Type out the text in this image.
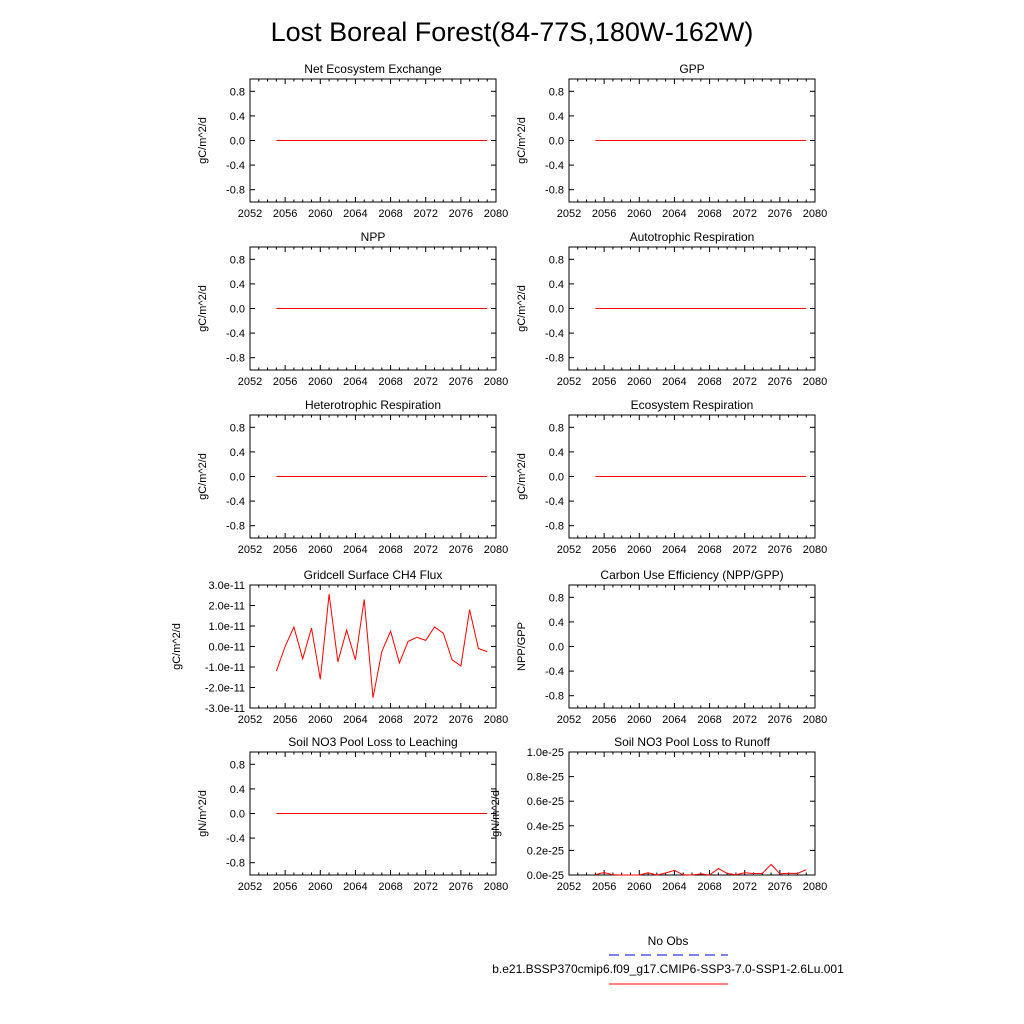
Lost Boreal Forest(84-77S,180W-162W)
Net Ecosystem Exchange
2052 2056 2060 2064 2068 2072 2076 2080
0.8
0.4
0.0
-0.4
-0.8
gC/m^2/d
GPP
2052 2056 2060 2064 2068 2072 2076 2080
0.8
0.4
0.0
-0.4
-0.8
gC/m^2/d
NPP
2052 2056 2060 2064 2068 2072 2076 2080
0.8
0.4
0.0
-0.4
-0.8
gC/m^2/d
Autotrophic Respiration
2052 2056 2060 2064 2068 2072 2076 2080
0.8
0.4
0.0
-0.4
-0.8
gC/m^2/d
Heterotrophic Respiration
2052 2056 2060 2064 2068 2072 2076 2080
0.8
0.4
0.0
-0.4
-0.8
gC/m^2/d
Ecosystem Respiration
2052 2056 2060 2064 2068 2072 2076 2080
0.8
0.4
0.0
-0.4
-0.8
gC/m^2/d
Gridcell Surface CH4 Flux
2052 2056 2060 2064 2068 2072 2076 2080
3.0e-11
2.0e-11
1.0e-11
0.0e-11
-1.0e-11
-2.0e-11
-3.0e-11
gC/m^2/d
Carbon Use Efficiency (NPP/GPP)
2052 2056 2060 2064 2068 2072 2076 2080
0.8
0.4
0.0
-0.4
-0.8
NPP/GPP
Soil NO3 Pool Loss to Leaching
2052 2056 2060 2064 2068 2072 2076 2080
0.8
0.4
0.0
-0.4
-0.8
gN/m^2/d
Soil NO3 Pool Loss to Runoff
2052 2056 2060 2064 2068 2072 2076 2080
1.0e-25
0.8e-25
0.6e-25
0.4e-25
0.2e-25
0.0e-25
gN/m^2/d
No Obs
b.e21.BSSP370cmip6.f09_g17.CMIP6-SSP3-7.0-SSP1-2.6Lu.001
